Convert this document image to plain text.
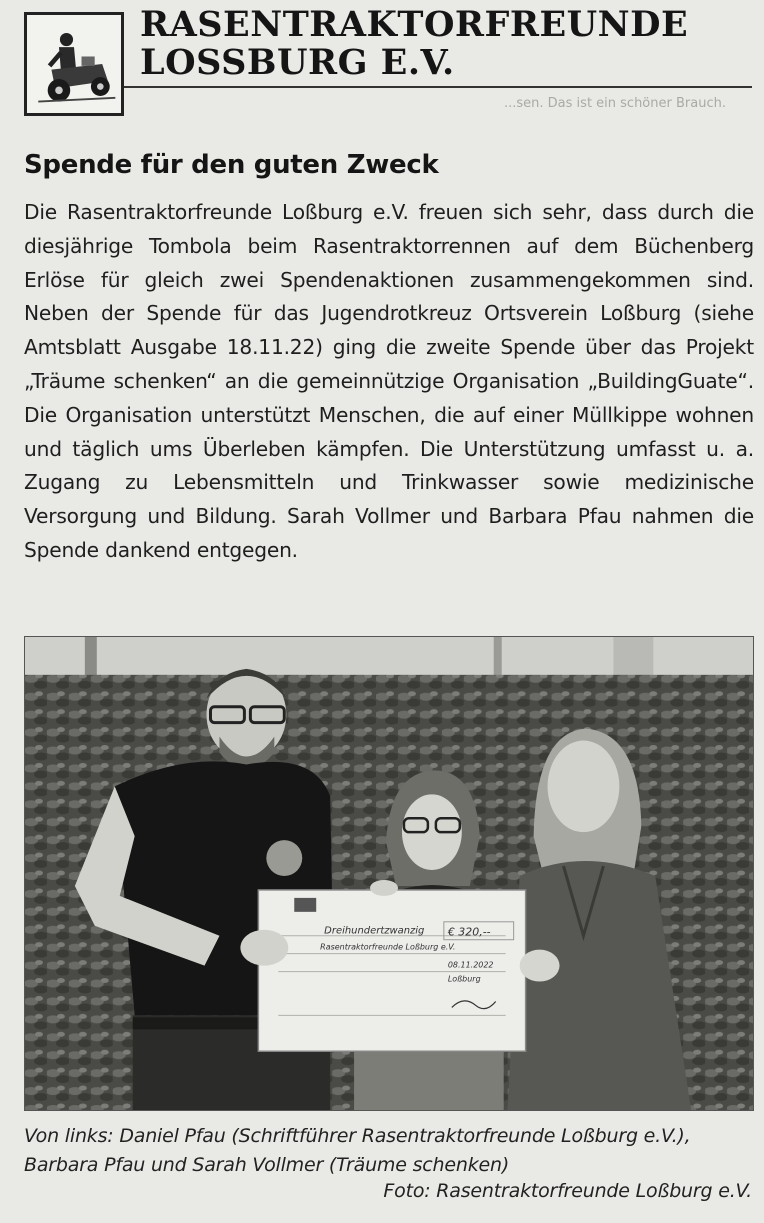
RASENTRAKTORFREUNDE
LOSSBURG E.V.
...sen. Das ist ein schöner Brauch.
Spende für den guten Zweck

Die Rasentraktorfreunde Loßburg e.V. freuen sich sehr, dass durch die diesjährige Tombola beim Rasentraktorrennen auf dem Büchenberg Erlöse für gleich zwei Spendenaktionen zusammengekommen sind. Neben der Spende für das Jugendrotkreuz Ortsverein Loßburg (siehe Amtsblatt Ausgabe 18.11.22) ging die zweite Spende über das Projekt „Träume schenken“ an die gemeinnützige Organisation „BuildingGuate“. Die Organisation unterstützt Menschen, die auf einer Müllkippe wohnen und täglich ums Überleben kämpfen. Die Unterstützung umfasst u. a. Zugang zu Lebensmitteln und Trinkwasser sowie medizinische Versorgung und Bildung. Sarah Vollmer und Barbara Pfau nahmen die Spende dankend entgegen.

Dreihundertzwanzig
Rasentraktorfreunde Loßburg e.V.
€ 320,--
08.11.2022
Loßburg

Von links: Daniel Pfau (Schriftführer Rasentraktorfreunde Loßburg e.V.), Barbara Pfau und Sarah Vollmer (Träume schenken)

Foto: Rasentraktorfreunde Loßburg e.V.
